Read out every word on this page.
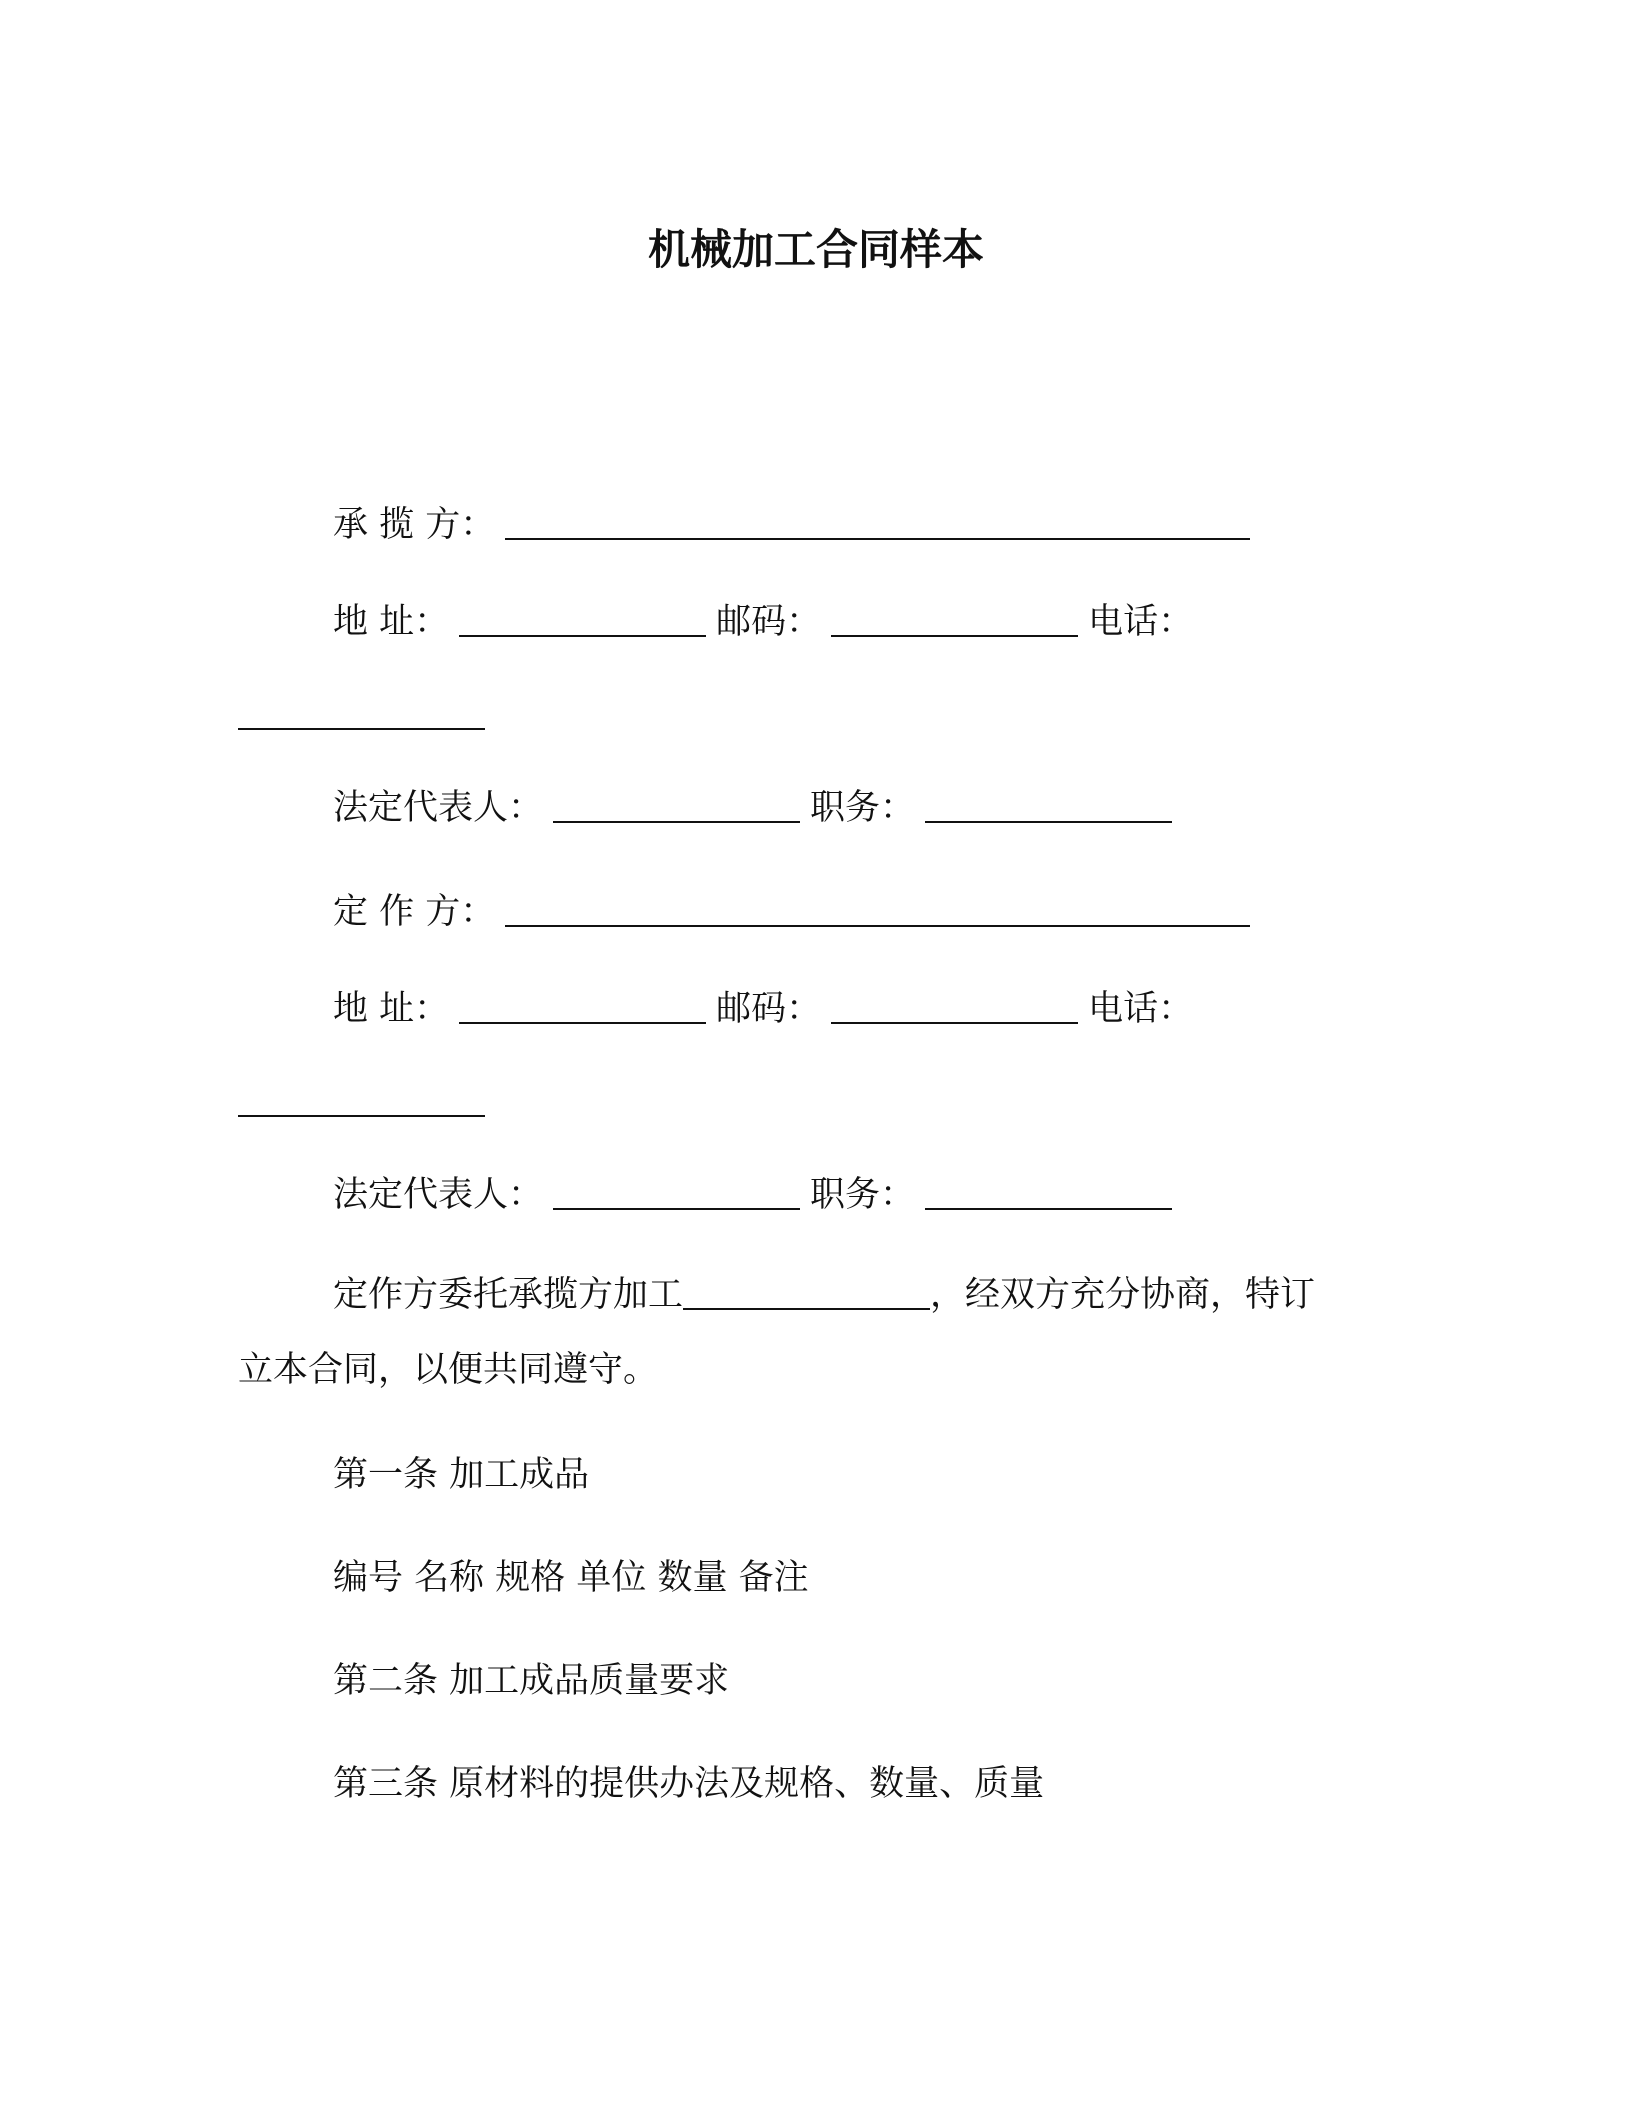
机械加工合同样本
承 揽 方：
地 址：	邮码：	电话：
法定代表人：	职务：
定 作 方：
地 址：	邮码：	电话：
法定代表人：	职务：
定作方委托承揽方加工	，经双方充分协商，特订
立本合同，以便共同遵守。
第一条 加工成品
编号 名称 规格 单位 数量 备注
第二条 加工成品质量要求
第三条 原材料的提供办法及规格、数量、质量
